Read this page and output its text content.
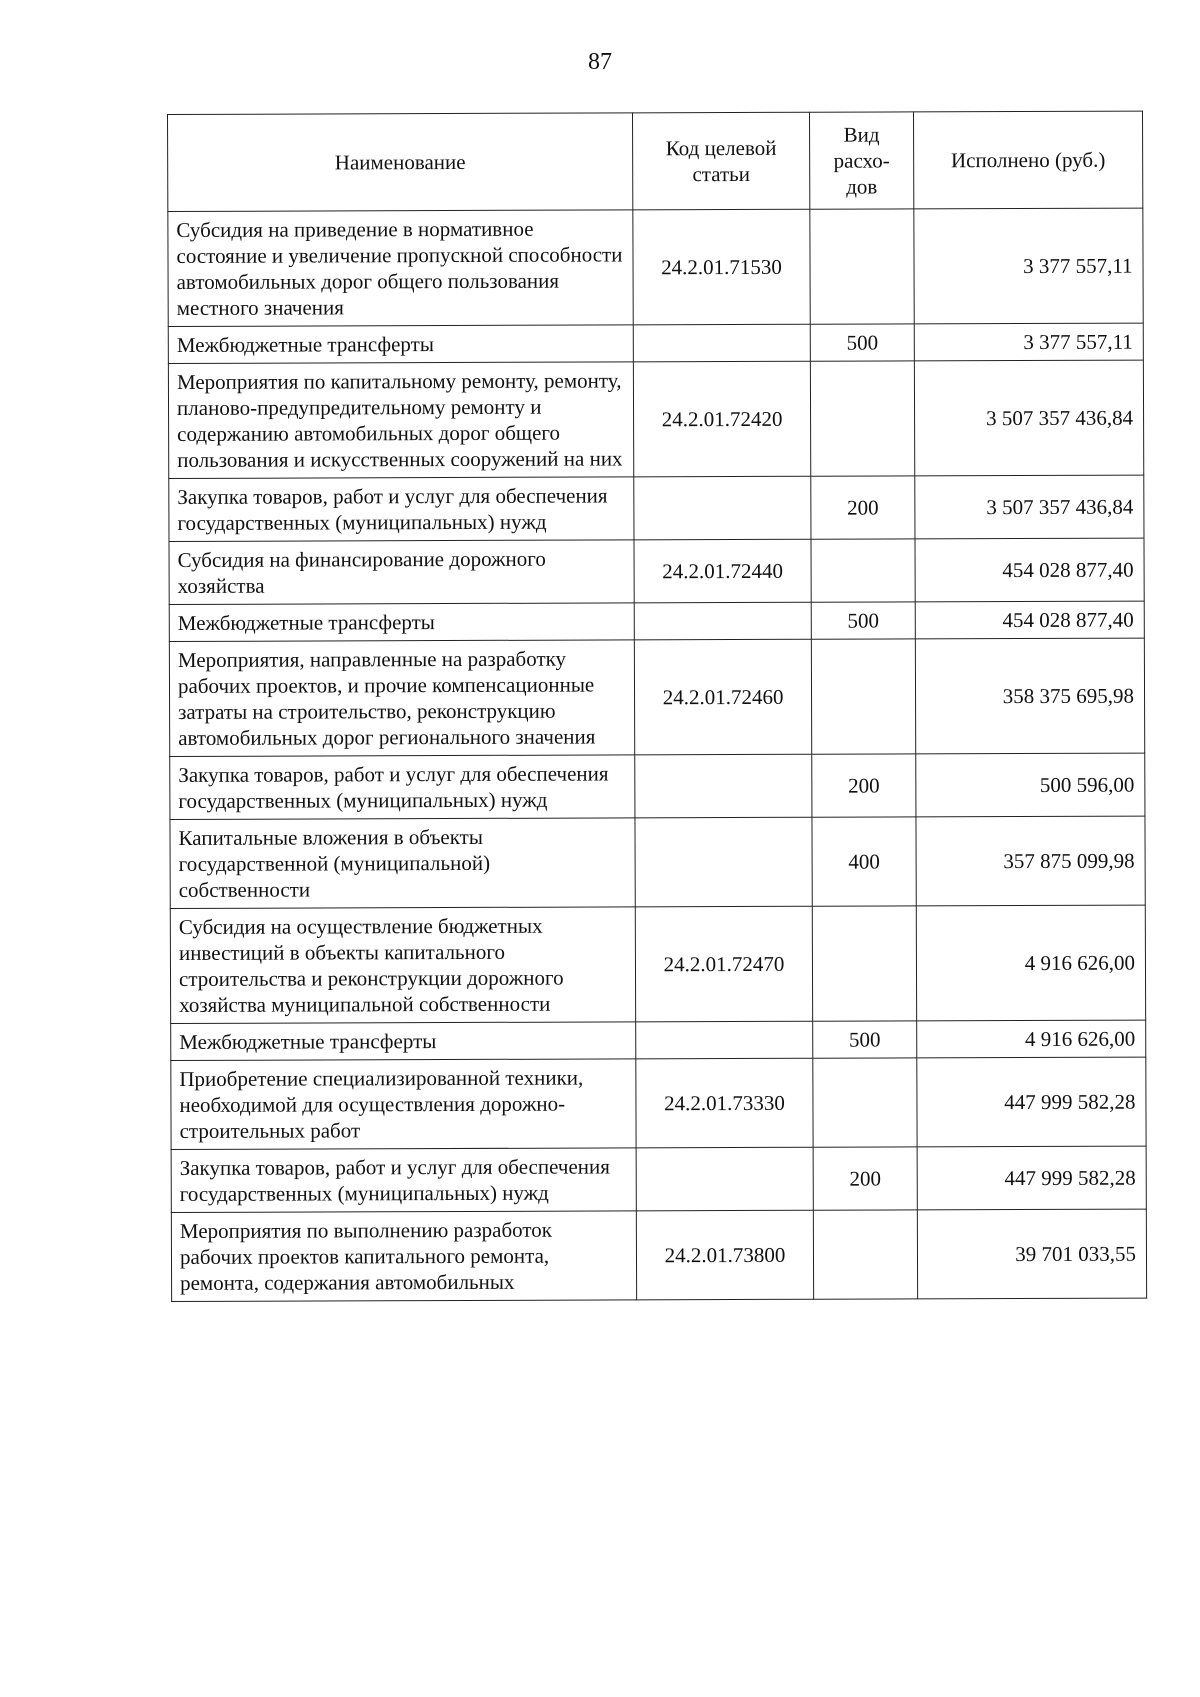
87
Наименование	Код целевой статьи	Вид расхо-дов	Исполнено (руб.)
Субсидия на приведение в нормативное состояние и увеличение пропускной способности автомобильных дорог общего пользования местного значения	24.2.01.71530		3 377 557,11
Межбюджетные трансферты		500	3 377 557,11
Мероприятия по капитальному ремонту, ремонту, планово-предупредительному ремонту и содержанию автомобильных дорог общего пользования и искусственных сооружений на них	24.2.01.72420		3 507 357 436,84
Закупка товаров, работ и услуг для обеспечения государственных (муниципальных) нужд		200	3 507 357 436,84
Субсидия на финансирование дорожного хозяйства	24.2.01.72440		454 028 877,40
Межбюджетные трансферты		500	454 028 877,40
Мероприятия, направленные на разработку рабочих проектов, и прочие компенсационные затраты на строительство, реконструкцию автомобильных дорог регионального значения	24.2.01.72460		358 375 695,98
Закупка товаров, работ и услуг для обеспечения государственных (муниципальных) нужд		200	500 596,00
Капитальные вложения в объекты государственной (муниципальной) собственности		400	357 875 099,98
Субсидия на осуществление бюджетных инвестиций в объекты капитального строительства и реконструкции дорожного хозяйства муниципальной собственности	24.2.01.72470		4 916 626,00
Межбюджетные трансферты		500	4 916 626,00
Приобретение специализированной техники, необходимой для осуществления дорожно-строительных работ	24.2.01.73330		447 999 582,28
Закупка товаров, работ и услуг для обеспечения государственных (муниципальных) нужд		200	447 999 582,28
Мероприятия по выполнению разработок рабочих проектов капитального ремонта, ремонта, содержания автомобильных	24.2.01.73800		39 701 033,55
